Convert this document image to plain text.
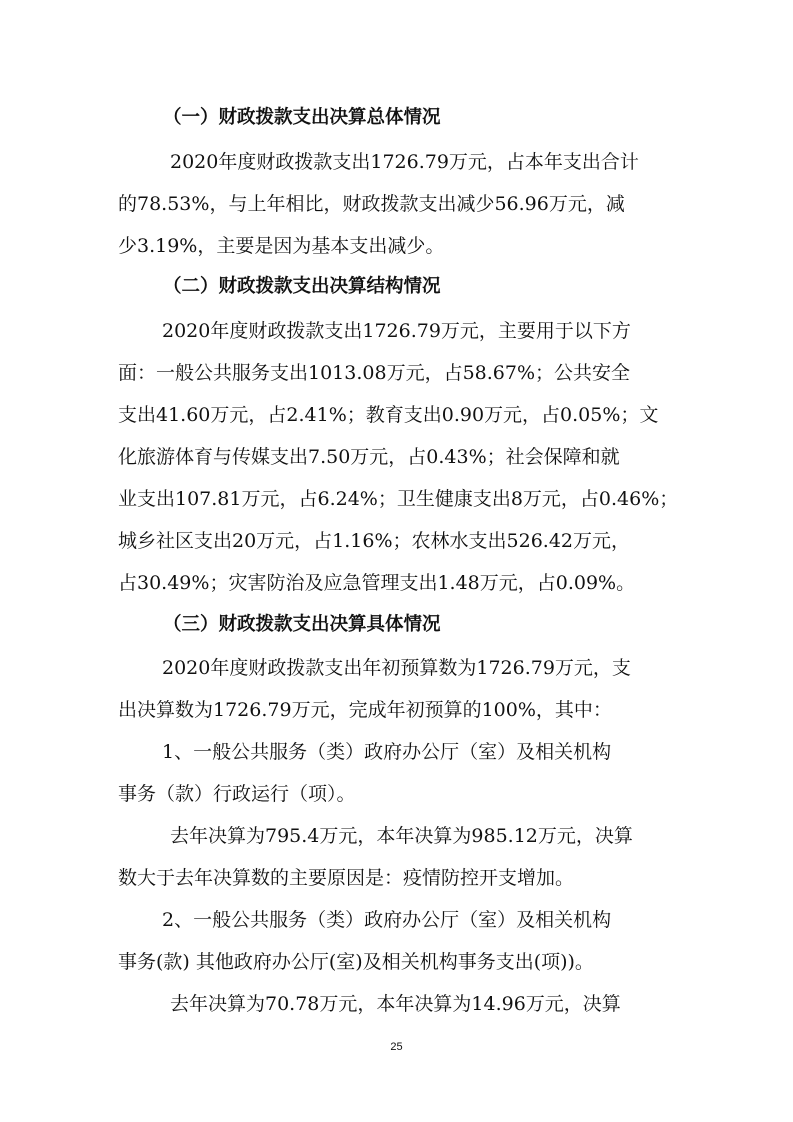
（一）财政拨款支出决算总体情况
2020年度财政拨款支出1726.79万元，占本年支出合计
的78.53%，与上年相比，财政拨款支出减少56.96万元，减
少3.19%，主要是因为基本支出减少。
（二）财政拨款支出决算结构情况
2020年度财政拨款支出1726.79万元，主要用于以下方
面：一般公共服务支出1013.08万元，占58.67%；公共安全
支出41.60万元，占2.41%；教育支出0.90万元，占0.05%；文
化旅游体育与传媒支出7.50万元，占0.43%；社会保障和就
业支出107.81万元，占6.24%；卫生健康支出8万元，占0.46%；
城乡社区支出20万元，占1.16%；农林水支出526.42万元，
占30.49%；灾害防治及应急管理支出1.48万元，占0.09%。
（三）财政拨款支出决算具体情况
2020年度财政拨款支出年初预算数为1726.79万元，支
出决算数为1726.79万元，完成年初预算的100%，其中：
1、一般公共服务（类）政府办公厅（室）及相关机构
事务（款）行政运行（项）。
去年决算为795.4万元，本年决算为985.12万元，决算
数大于去年决算数的主要原因是：疫情防控开支增加。
2、一般公共服务（类）政府办公厅（室）及相关机构
事务(款) 其他政府办公厅(室)及相关机构事务支出(项))。
去年决算为70.78万元，本年决算为14.96万元，决算
25
